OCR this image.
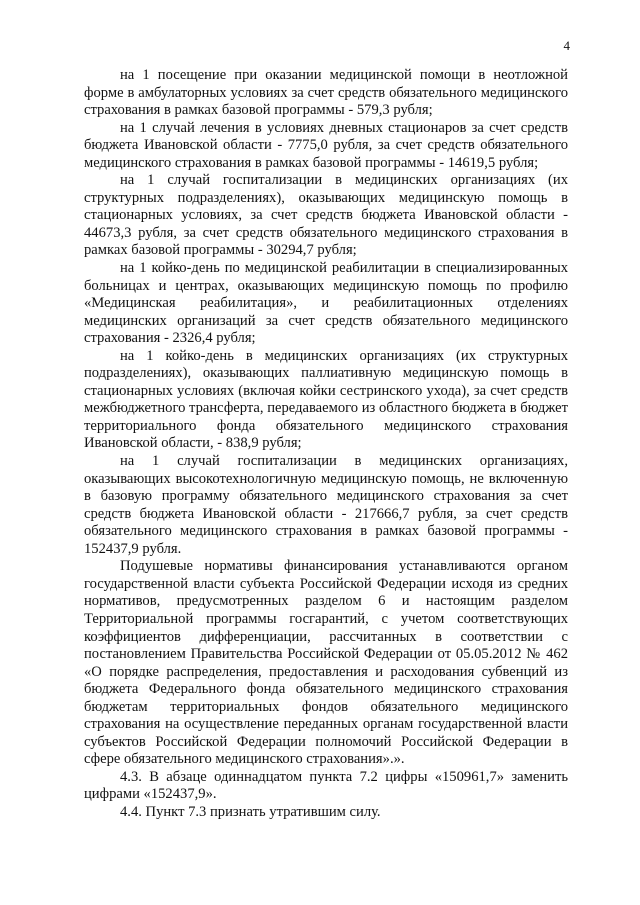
4

на 1 посещение при оказании медицинской помощи в неотложной форме в амбулаторных условиях за счет средств обязательного медицинского страхования в рамках базовой программы - 579,3 рубля;

на 1 случай лечения в условиях дневных стационаров за счет средств бюджета Ивановской области - 7775,0 рубля, за счет средств обязательного медицинского страхования в рамках базовой программы - 14619,5 рубля;

на 1 случай госпитализации в медицинских организациях (их структурных подразделениях), оказывающих медицинскую помощь в стационарных условиях, за счет средств бюджета Ивановской области - 44673,3 рубля, за счет средств обязательного медицинского страхования в рамках базовой программы - 30294,7 рубля;

на 1 койко-день по медицинской реабилитации в специализированных больницах и центрах, оказывающих медицинскую помощь по профилю «Медицинская реабилитация», и реабилитационных отделениях медицинских организаций за счет средств обязательного медицинского страхования - 2326,4 рубля;

на 1 койко-день в медицинских организациях (их структурных подразделениях), оказывающих паллиативную медицинскую помощь в стационарных условиях (включая койки сестринского ухода), за счет средств межбюджетного трансферта, передаваемого из областного бюджета в бюджет территориального фонда обязательного медицинского страхования Ивановской области, - 838,9 рубля;

на 1 случай госпитализации в медицинских организациях, оказывающих высокотехнологичную медицинскую помощь, не включенную в базовую программу обязательного медицинского страхования за счет средств бюджета Ивановской области - 217666,7 рубля, за счет средств обязательного медицинского страхования в рамках базовой программы - 152437,9 рубля.

Подушевые нормативы финансирования устанавливаются органом государственной власти субъекта Российской Федерации исходя из средних нормативов, предусмотренных разделом 6 и настоящим разделом Территориальной программы госгарантий, с учетом соответствующих коэффициентов дифференциации, рассчитанных в соответствии с постановлением Правительства Российской Федерации от 05.05.2012 № 462 «О порядке распределения, предоставления и расходования субвенций из бюджета Федерального фонда обязательного медицинского страхования бюджетам территориальных фондов обязательного медицинского страхования на осуществление переданных органам государственной власти субъектов Российской Федерации полномочий Российской Федерации в сфере обязательного медицинского страхования».».

4.3. В абзаце одиннадцатом пункта 7.2 цифры «150961,7» заменить цифрами «152437,9».

4.4. Пункт 7.3 признать утратившим силу.
